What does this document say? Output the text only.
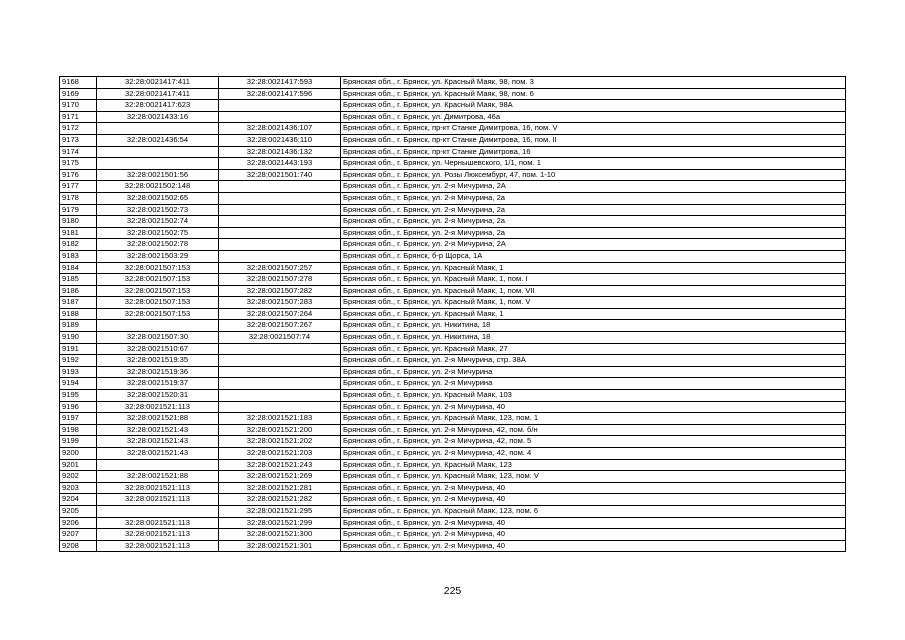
9168	32:28:0021417:411	32:28:0021417:593	Брянская обл., г. Брянск, ул. Красный Маяк, 98, пом. 3
9169	32:28:0021417:411	32:28:0021417:596	Брянская обл., г. Брянск, ул. Красный Маяк, 98, пом. 6
9170	32:28:0021417:623		Брянская обл., г. Брянск, ул. Красный Маяк, 98А
9171	32:28:0021433:16		Брянская обл., г. Брянск, ул. Димитрова, 46а
9172		32:28:0021436:107	Брянская обл., г. Брянск, пр-кт Станке Димитрова, 16, пом. V
9173	32:28:0021436:54	32:28:0021436:110	Брянская обл., г. Брянск, пр-кт Станке Димитрова, 16, пом. II
9174		32:28:0021436:132	Брянская обл., г. Брянск, пр-кт Станке Димитрова, 16
9175		32:28:0021443:193	Брянская обл., г. Брянск, ул. Чернышевского, 1/1, пом. 1
9176	32:28:0021501:56	32:28:0021501:740	Брянская обл., г. Брянск, ул. Розы Люксембург, 47, пом. 1-10
9177	32:28:0021502:148		Брянская обл., г. Брянск, ул. 2-я Мичурина, 2А
9178	32:28:0021502:65		Брянская обл., г. Брянск, ул. 2-я Мичурина, 2а
9179	32:28:0021502:73		Брянская обл., г. Брянск, ул. 2-я Мичурина, 2а
9180	32:28:0021502:74		Брянская обл., г. Брянск, ул. 2-я Мичурина, 2а
9181	32:28:0021502:75		Брянская обл., г. Брянск, ул. 2-я Мичурина, 2а
9182	32:28:0021502:78		Брянская обл., г. Брянск, ул. 2-я Мичурина, 2А
9183	32:28:0021503:29		Брянская обл., г. Брянск, б-р Щорса, 1А
9184	32:28:0021507:153	32:28:0021507:257	Брянская обл., г. Брянск, ул. Красный Маяк, 1
9185	32:28:0021507:153	32:28:0021507:278	Брянская обл., г. Брянск, ул. Красный Маяк, 1, пом. I
9186	32:28:0021507:153	32:28:0021507:282	Брянская обл., г. Брянск, ул. Красный Маяк, 1, пом. VII
9187	32:28:0021507:153	32:28:0021507:283	Брянская обл., г. Брянск, ул. Красный Маяк, 1, пом. V
9188	32:28:0021507:153	32:28:0021507:264	Брянская обл., г. Брянск, ул. Красный Маяк, 1
9189		32:28:0021507:267	Брянская обл., г. Брянск, ул. Никитина, 18
9190	32:28:0021507:30	32:28:0021507:74	Брянская обл., г. Брянск, ул. Никитина, 18
9191	32:28:0021510:67		Брянская обл., г. Брянск, ул. Красный Маяк, 27
9192	32:28:0021519:35		Брянская обл., г. Брянск, ул. 2-я Мичурина, стр. 38А
9193	32:28:0021519:36		Брянская обл., г. Брянск, ул. 2-я Мичурина
9194	32:28:0021519:37		Брянская обл., г. Брянск, ул. 2-я Мичурина
9195	32:28:0021520:31		Брянская обл., г. Брянск, ул. Красный Маяк, 103
9196	32:28:0021521:113		Брянская обл., г. Брянск, ул. 2-я Мичурина, 40
9197	32:28:0021521:88	32:28:0021521:183	Брянская обл., г. Брянск, ул. Красный Маяк, 123, пом. 1
9198	32:28:0021521:43	32:28:0021521:200	Брянская обл., г. Брянск, ул. 2-я Мичурина, 42, пом. б/н
9199	32:28:0021521:43	32:28:0021521:202	Брянская обл., г. Брянск, ул. 2-я Мичурина, 42, пом. 5
9200	32:28:0021521:43	32:28:0021521:203	Брянская обл., г. Брянск, ул. 2-я Мичурина, 42, пом. 4
9201		32:28:0021521:243	Брянская обл., г. Брянск, ул. Красный Маяк, 123
9202	32:28:0021521:88	32:28:0021521:269	Брянская обл., г. Брянск, ул. Красный Маяк, 123, пом. V
9203	32:28:0021521:113	32:28:0021521:281	Брянская обл., г. Брянск, ул. 2-я Мичурина, 40
9204	32:28:0021521:113	32:28:0021521:282	Брянская обл., г. Брянск, ул. 2-я Мичурина, 40
9205		32:28:0021521:295	Брянская обл., г. Брянск, ул. Красный Маяк, 123, пом. 6
9206	32:28:0021521:113	32:28:0021521:299	Брянская обл., г. Брянск, ул. 2-я Мичурина, 40
9207	32:28:0021521:113	32:28:0021521:300	Брянская обл., г. Брянск, ул. 2-я Мичурина, 40
9208	32:28:0021521:113	32:28:0021521:301	Брянская обл., г. Брянск, ул. 2-я Мичурина, 40
225
